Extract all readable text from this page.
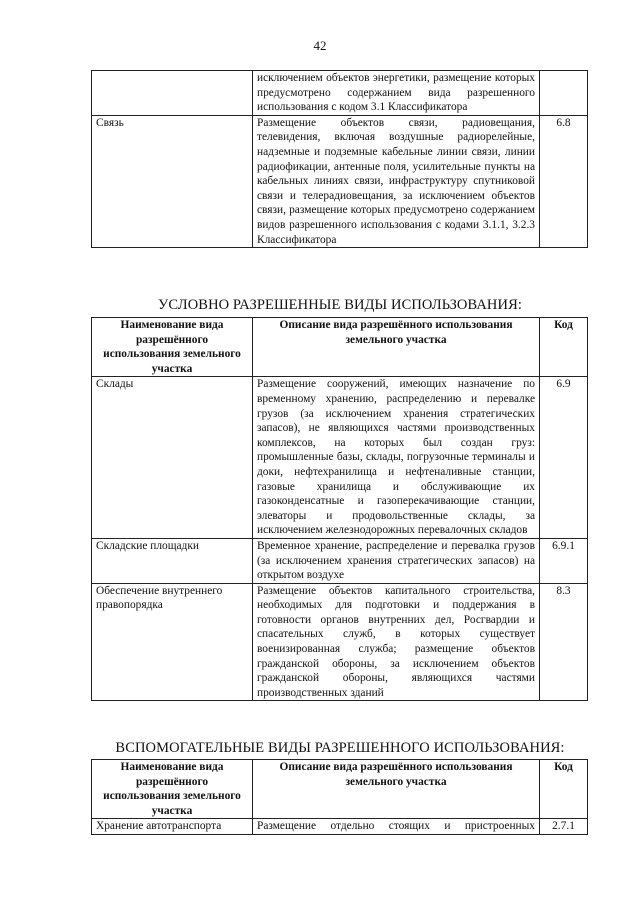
42
	исключением объектов энергетики, размещение которых предусмотрено содержанием вида разрешенного использования с кодом 3.1 Классификатора	
Связь	Размещение объектов связи, радиовещания, телевидения, включая воздушные радиорелейные, надземные и подземные кабельные линии связи, линии радиофикации, антенные поля, усилительные пункты на кабельных линиях связи, инфраструктуру спутниковой связи и телерадиовещания, за исключением объектов связи, размещение которых предусмотрено содержанием видов разрешенного использования с кодами 3.1.1, 3.2.3 Классификатора	6.8
УСЛОВНО РАЗРЕШЕННЫЕ ВИДЫ ИСПОЛЬЗОВАНИЯ:
Наименование вида разрешённого использования земельного участка	Описание вида разрешённого использования земельного участка	Код
Склады	Размещение сооружений, имеющих назначение по временному хранению, распределению и перевалке грузов (за исключением хранения стратегических запасов), не являющихся частями производственных комплексов, на которых был создан груз: промышленные базы, склады, погрузочные терминалы и доки, нефтехранилища и нефтеналивные станции, газовые хранилища и обслуживающие их газоконденсатные и газоперекачивающие станции, элеваторы и продовольственные склады, за исключением железнодорожных перевалочных складов	6.9
Складские площадки	Временное хранение, распределение и перевалка грузов (за исключением хранения стратегических запасов) на открытом воздухе	6.9.1
Обеспечение внутреннего правопорядка	Размещение объектов капитального строительства, необходимых для подготовки и поддержания в готовности органов внутренних дел, Росгвардии и спасательных служб, в которых существует военизированная служба; размещение объектов гражданской обороны, за исключением объектов гражданской обороны, являющихся частями производственных зданий	8.3
ВСПОМОГАТЕЛЬНЫЕ ВИДЫ РАЗРЕШЕННОГО ИСПОЛЬЗОВАНИЯ:
Наименование вида разрешённого использования земельного участка	Описание вида разрешённого использования земельного участка	Код
Хранение автотранспорта	Размещение отдельно стоящих и пристроенных	2.7.1
